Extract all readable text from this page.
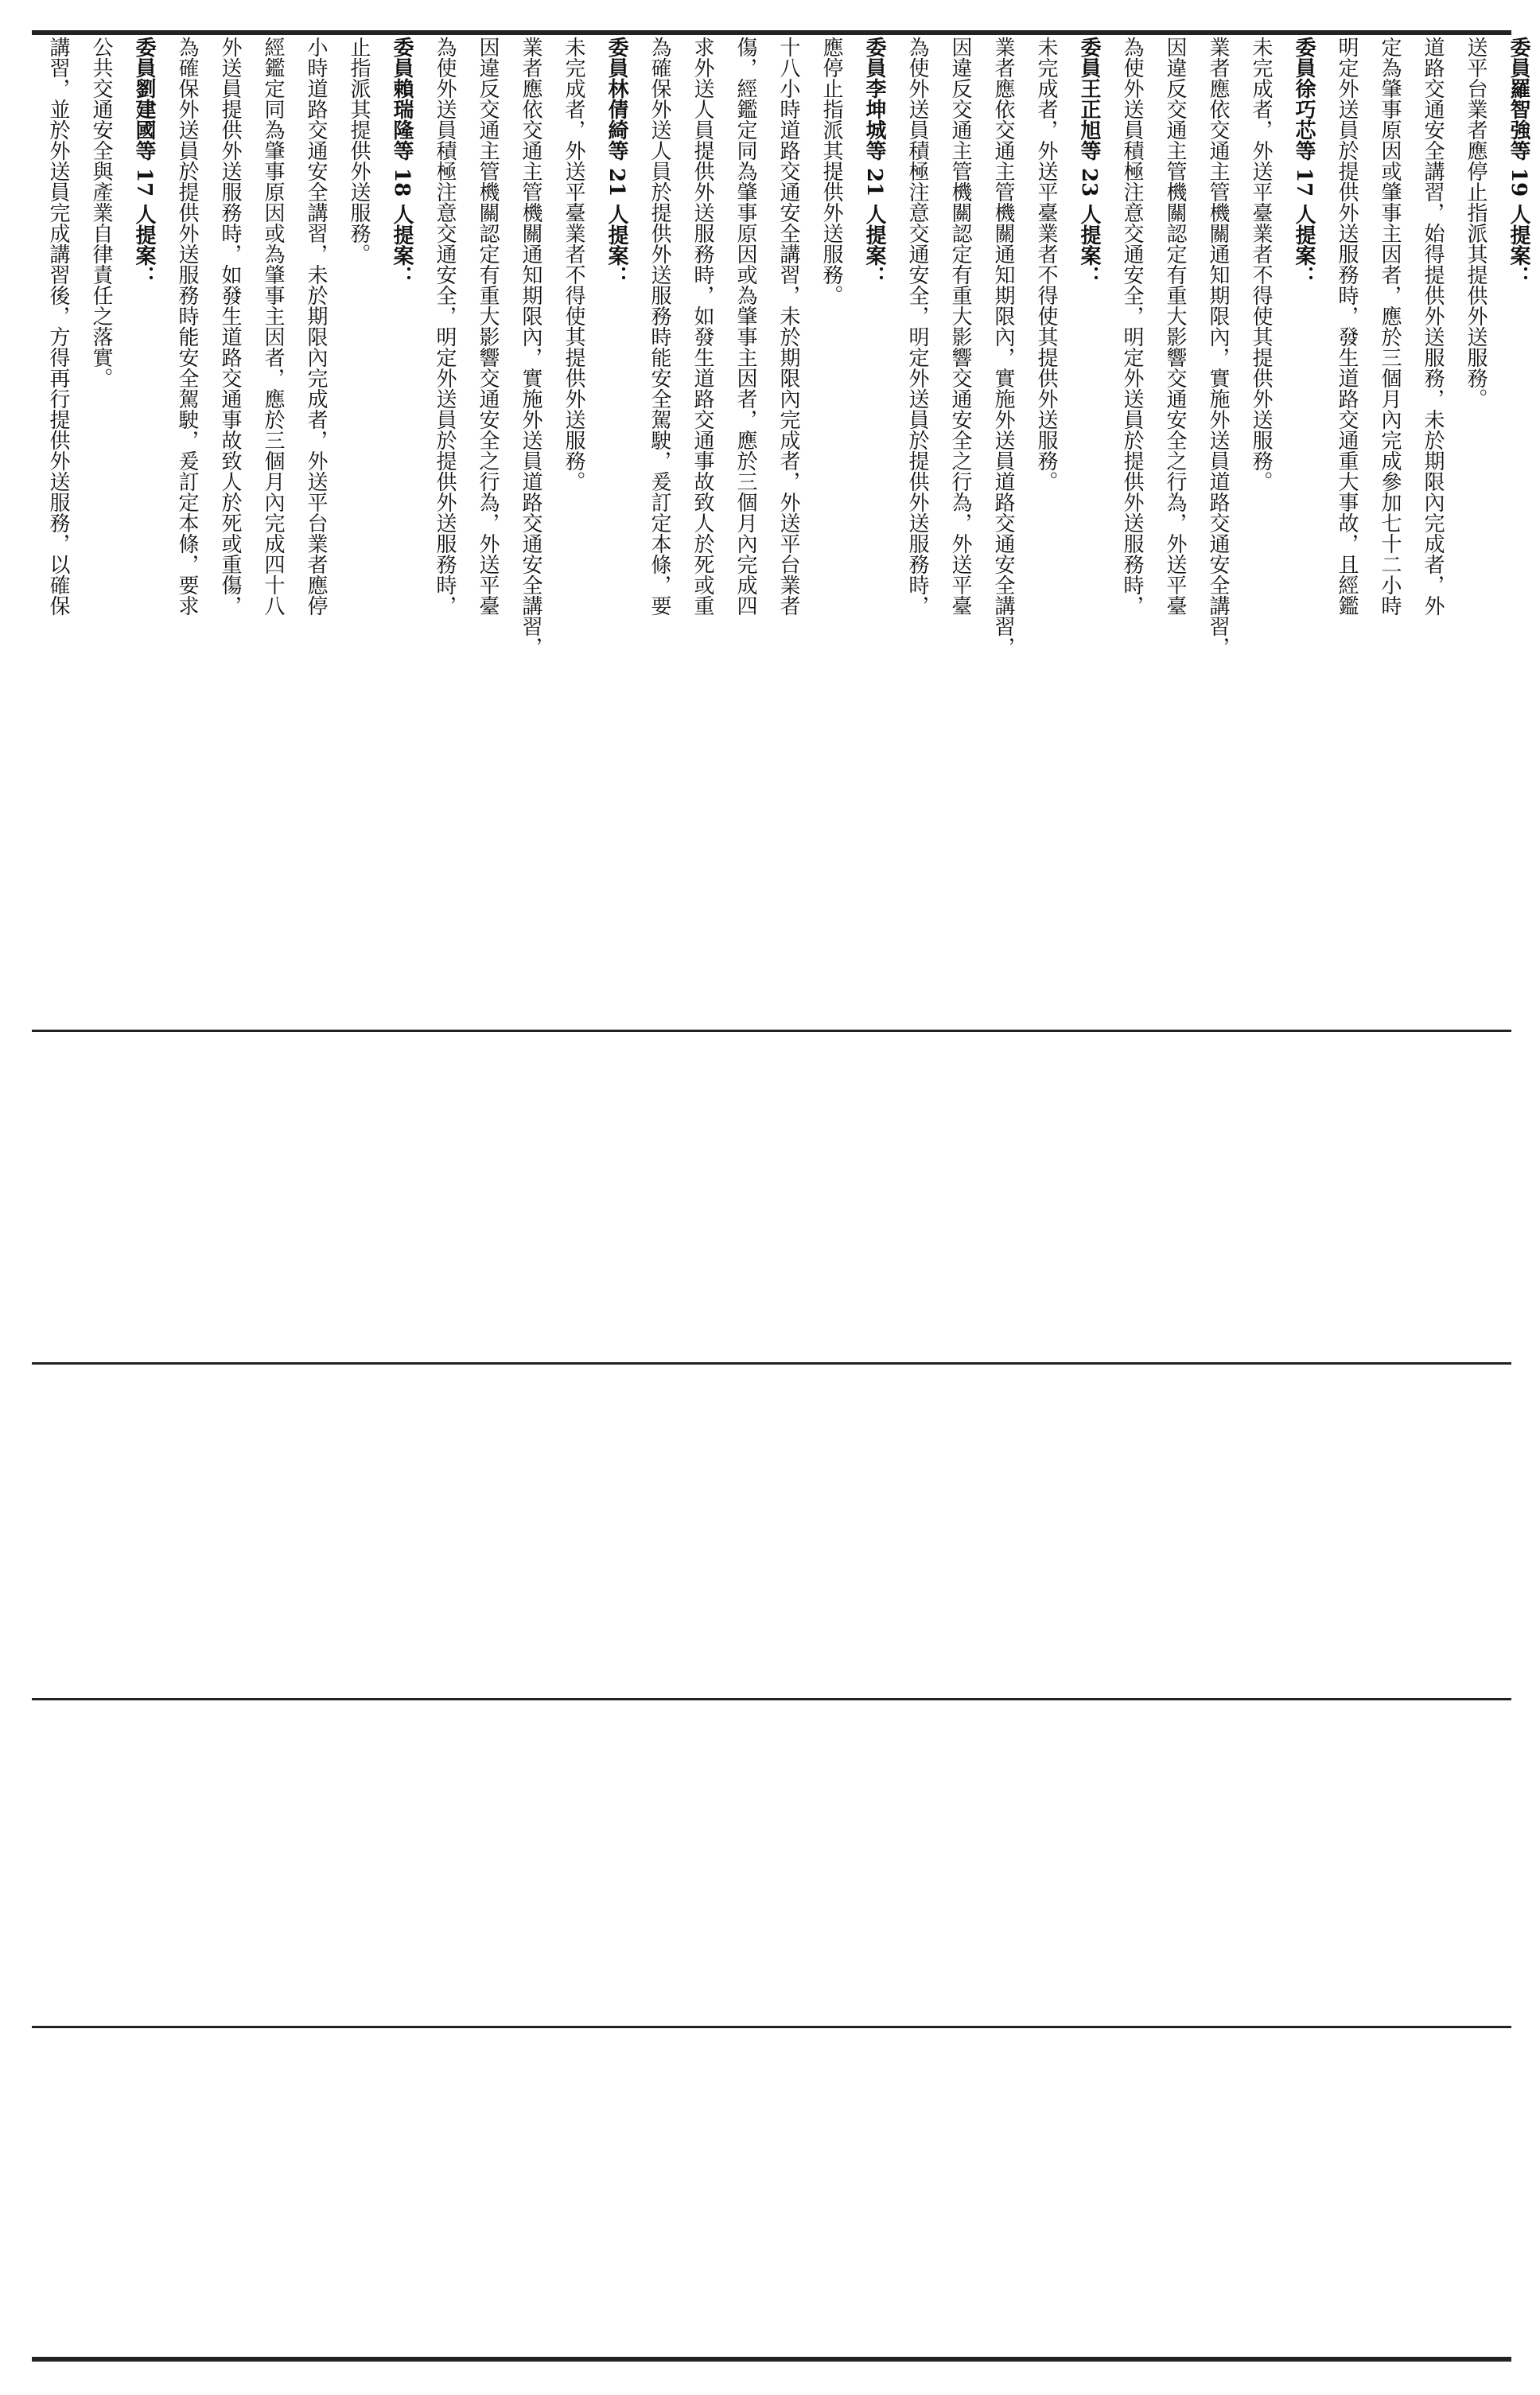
講習，並於外送員完成講習後，方得再行提供外送服務，以確保 公共交通安全與產業自律責任之落實。 委員劉建國等 17 人提案： 為確保外送員於提供外送服務時能安全駕駛，爰訂定本條，要求 外送員提供外送服務時，如發生道路交通事故致人於死或重傷， 經鑑定同為肇事原因或為肇事主因者，應於三個月內完成四十八 小時道路交通安全講習，未於期限內完成者，外送平台業者應停 止指派其提供外送服務。 委員賴瑞隆等 18 人提案： 為使外送員積極注意交通安全，明定外送員於提供外送服務時， 因違反交通主管機關認定有重大影響交通安全之行為，外送平臺 業者應依交通主管機關通知期限內，實施外送員道路交通安全講習， 未完成者，外送平臺業者不得使其提供外送服務。 委員林倩綺等 21 人提案： 為確保外送人員於提供外送服務時能安全駕駛，爰訂定本條，要 求外送人員提供外送服務時，如發生道路交通事故致人於死或重 傷，經鑑定同為肇事原因或為肇事主因者，應於三個月內完成四 十八小時道路交通安全講習，未於期限內完成者，外送平台業者 應停止指派其提供外送服務。 委員李坤城等 21 人提案： 為使外送員積極注意交通安全，明定外送員於提供外送服務時， 因違反交通主管機關認定有重大影響交通安全之行為，外送平臺 業者應依交通主管機關通知期限內，實施外送員道路交通安全講習， 未完成者，外送平臺業者不得使其提供外送服務。 委員王正旭等 23 人提案： 為使外送員積極注意交通安全，明定外送員於提供外送服務時， 因違反交通主管機關認定有重大影響交通安全之行為，外送平臺 業者應依交通主管機關通知期限內，實施外送員道路交通安全講習， 未完成者，外送平臺業者不得使其提供外送服務。 委員徐巧芯等 17 人提案： 明定外送員於提供外送服務時，發生道路交通重大事故，且經鑑 定為肇事原因或肇事主因者，應於三個月內完成參加七十二小時 道路交通安全講習，始得提供外送服務，未於期限內完成者，外 送平台業者應停止指派其提供外送服務。 委員羅智強等 19 人提案：
